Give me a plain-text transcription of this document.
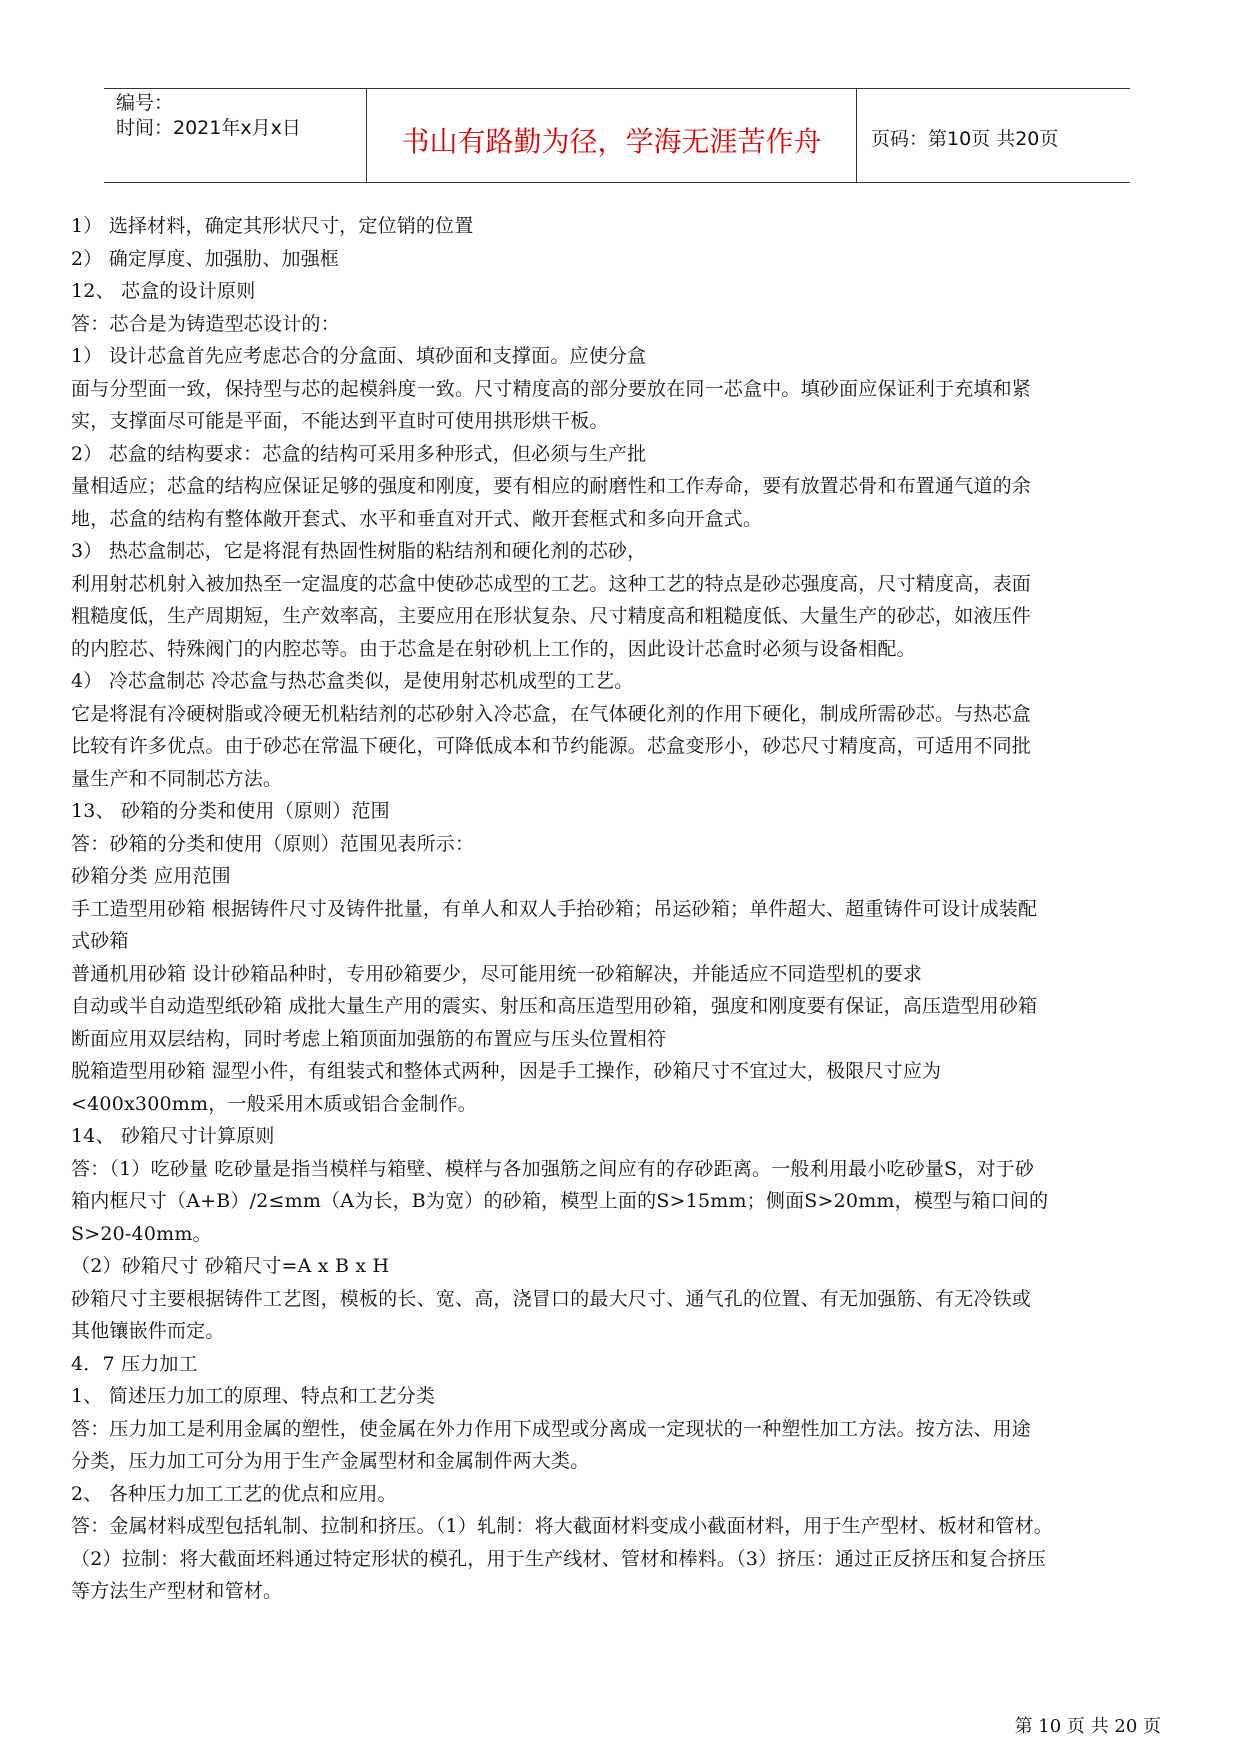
编号：
时间：2021年x月x日	书山有路勤为径，学海无涯苦作舟	页码：第10页 共20页

1） 选择材料，确定其形状尺寸，定位销的位置

2） 确定厚度、加强肋、加强框

12、 芯盒的设计原则

答：芯合是为铸造型芯设计的：

1） 设计芯盒首先应考虑芯合的分盒面、填砂面和支撑面。应使分盒

面与分型面一致，保持型与芯的起模斜度一致。尺寸精度高的部分要放在同一芯盒中。填砂面应保证利于充填和紧

实，支撑面尽可能是平面，不能达到平直时可使用拱形烘干板。

2） 芯盒的结构要求：芯盒的结构可采用多种形式，但必须与生产批

量相适应；芯盒的结构应保证足够的强度和刚度，要有相应的耐磨性和工作寿命，要有放置芯骨和布置通气道的余

地，芯盒的结构有整体敞开套式、水平和垂直对开式、敞开套框式和多向开盒式。

3） 热芯盒制芯，它是将混有热固性树脂的粘结剂和硬化剂的芯砂，

利用射芯机射入被加热至一定温度的芯盒中使砂芯成型的工艺。这种工艺的特点是砂芯强度高，尺寸精度高，表面

粗糙度低，生产周期短，生产效率高，主要应用在形状复杂、尺寸精度高和粗糙度低、大量生产的砂芯，如液压件

的内腔芯、特殊阀门的内腔芯等。由于芯盒是在射砂机上工作的，因此设计芯盒时必须与设备相配。

4） 冷芯盒制芯 冷芯盒与热芯盒类似，是使用射芯机成型的工艺。

它是将混有冷硬树脂或冷硬无机粘结剂的芯砂射入冷芯盒，在气体硬化剂的作用下硬化，制成所需砂芯。与热芯盒

比较有许多优点。由于砂芯在常温下硬化，可降低成本和节约能源。芯盒变形小，砂芯尺寸精度高，可适用不同批

量生产和不同制芯方法。

13、 砂箱的分类和使用（原则）范围

答：砂箱的分类和使用（原则）范围见表所示：

砂箱分类 应用范围

手工造型用砂箱 根据铸件尺寸及铸件批量，有单人和双人手抬砂箱；吊运砂箱；单件超大、超重铸件可设计成装配

式砂箱

普通机用砂箱 设计砂箱品种时，专用砂箱要少，尽可能用统一砂箱解决，并能适应不同造型机的要求

自动或半自动造型纸砂箱 成批大量生产用的震实、射压和高压造型用砂箱，强度和刚度要有保证，高压造型用砂箱

断面应用双层结构，同时考虑上箱顶面加强筋的布置应与压头位置相符

脱箱造型用砂箱 湿型小件，有组装式和整体式两种，因是手工操作，砂箱尺寸不宜过大，极限尺寸应为

<400x300mm，一般采用木质或铝合金制作。

14、 砂箱尺寸计算原则

答：（1）吃砂量 吃砂量是指当模样与箱壁、模样与各加强筋之间应有的存砂距离。一般利用最小吃砂量S，对于砂

箱内框尺寸（A+B）/2≤mm（A为长，B为宽）的砂箱，模型上面的S>15mm；侧面S>20mm，模型与箱口间的

S>20-40mm。

（2）砂箱尺寸 砂箱尺寸=A x B x H

砂箱尺寸主要根据铸件工艺图，模板的长、宽、高，浇冒口的最大尺寸、通气孔的位置、有无加强筋、有无冷铁或

其他镶嵌件而定。

4．7 压力加工

1、 简述压力加工的原理、特点和工艺分类

答：压力加工是利用金属的塑性，使金属在外力作用下成型或分离成一定现状的一种塑性加工方法。按方法、用途

分类，压力加工可分为用于生产金属型材和金属制件两大类。

2、 各种压力加工工艺的优点和应用。

答：金属材料成型包括轧制、拉制和挤压。（1）轧制：将大截面材料变成小截面材料，用于生产型材、板材和管材。

（2）拉制：将大截面坯料通过特定形状的模孔，用于生产线材、管材和棒料。（3）挤压：通过正反挤压和复合挤压

等方法生产型材和管材。

第 10 页 共 20 页
